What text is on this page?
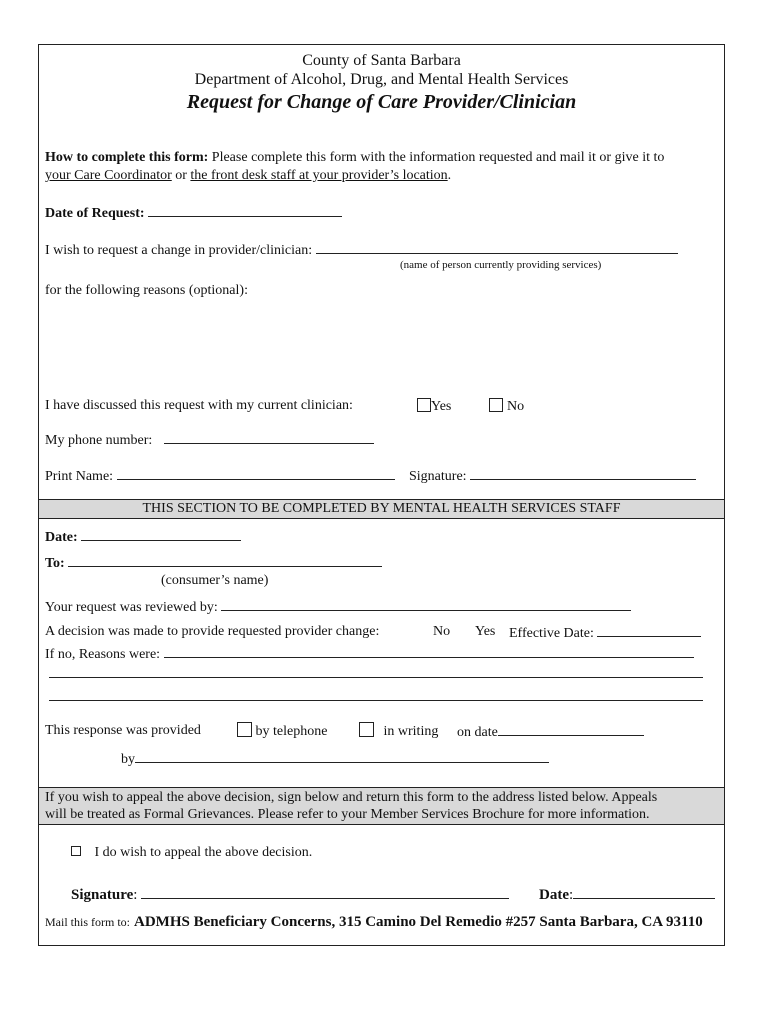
County of Santa Barbara
Department of Alcohol, Drug, and Mental Health Services
Request for Change of Care Provider/Clinician
How to complete this form: Please complete this form with the information requested and mail it or give it to
your Care Coordinator or the front desk staff at your provider’s location.
Date of Request:
I wish to request a change in provider/clinician:
(name of person currently providing services)
for the following reasons (optional):
I have discussed this request with my current clinician:	Yes	No
My phone number:
Print Name:	Signature:
THIS SECTION TO BE COMPLETED BY MENTAL HEALTH SERVICES STAFF
Date:
To:
(consumer’s name)
Your request was reviewed by:
A decision was made to provide requested provider change:	No Yes Effective Date:
If no, Reasons were:
This response was provided	by telephone	in writing on date
by
If you wish to appeal the above decision, sign below and return this form to the address listed below. Appeals
will be treated as Formal Grievances. Please refer to your Member Services Brochure for more information.
I do wish to appeal the above decision.
Signature:	Date:
Mail this form to: ADMHS Beneficiary Concerns, 315 Camino Del Remedio #257 Santa Barbara, CA 93110
